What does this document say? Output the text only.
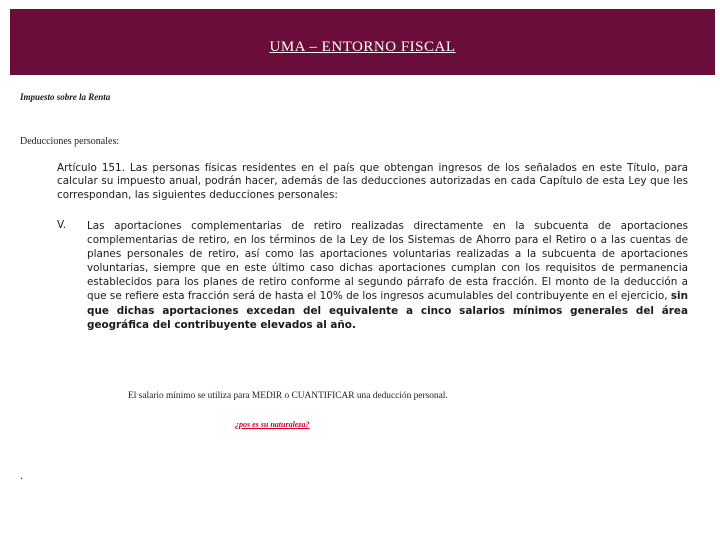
UMA – ENTORNO FISCAL
Impuesto sobre la Renta
Deducciones personales:

Artículo 151. Las personas físicas residentes en el país que obtengan ingresos de los señalados en este Título, para calcular su impuesto anual, podrán hacer, además de las deducciones autorizadas en cada Capítulo de esta Ley que les correspondan, las siguientes deducciones personales:

V. Las aportaciones complementarias de retiro realizadas directamente en la subcuenta de aportaciones complementarias de retiro, en los términos de la Ley de los Sistemas de Ahorro para el Retiro o a las cuentas de planes personales de retiro, así como las aportaciones voluntarias realizadas a la subcuenta de aportaciones voluntarias, siempre que en este último caso dichas aportaciones cumplan con los requisitos de permanencia establecidos para los planes de retiro conforme al segundo párrafo de esta fracción. El monto de la deducción a que se refiere esta fracción será de hasta el 10% de los ingresos acumulables del contribuyente en el ejercicio, sin que dichas aportaciones excedan del equivalente a cinco salarios mínimos generales del área geográfica del contribuyente elevados al año.

El salario mínimo se utiliza para MEDIR o CUANTIFICAR una deducción personal.
¿pos es su naturaleza?
.
